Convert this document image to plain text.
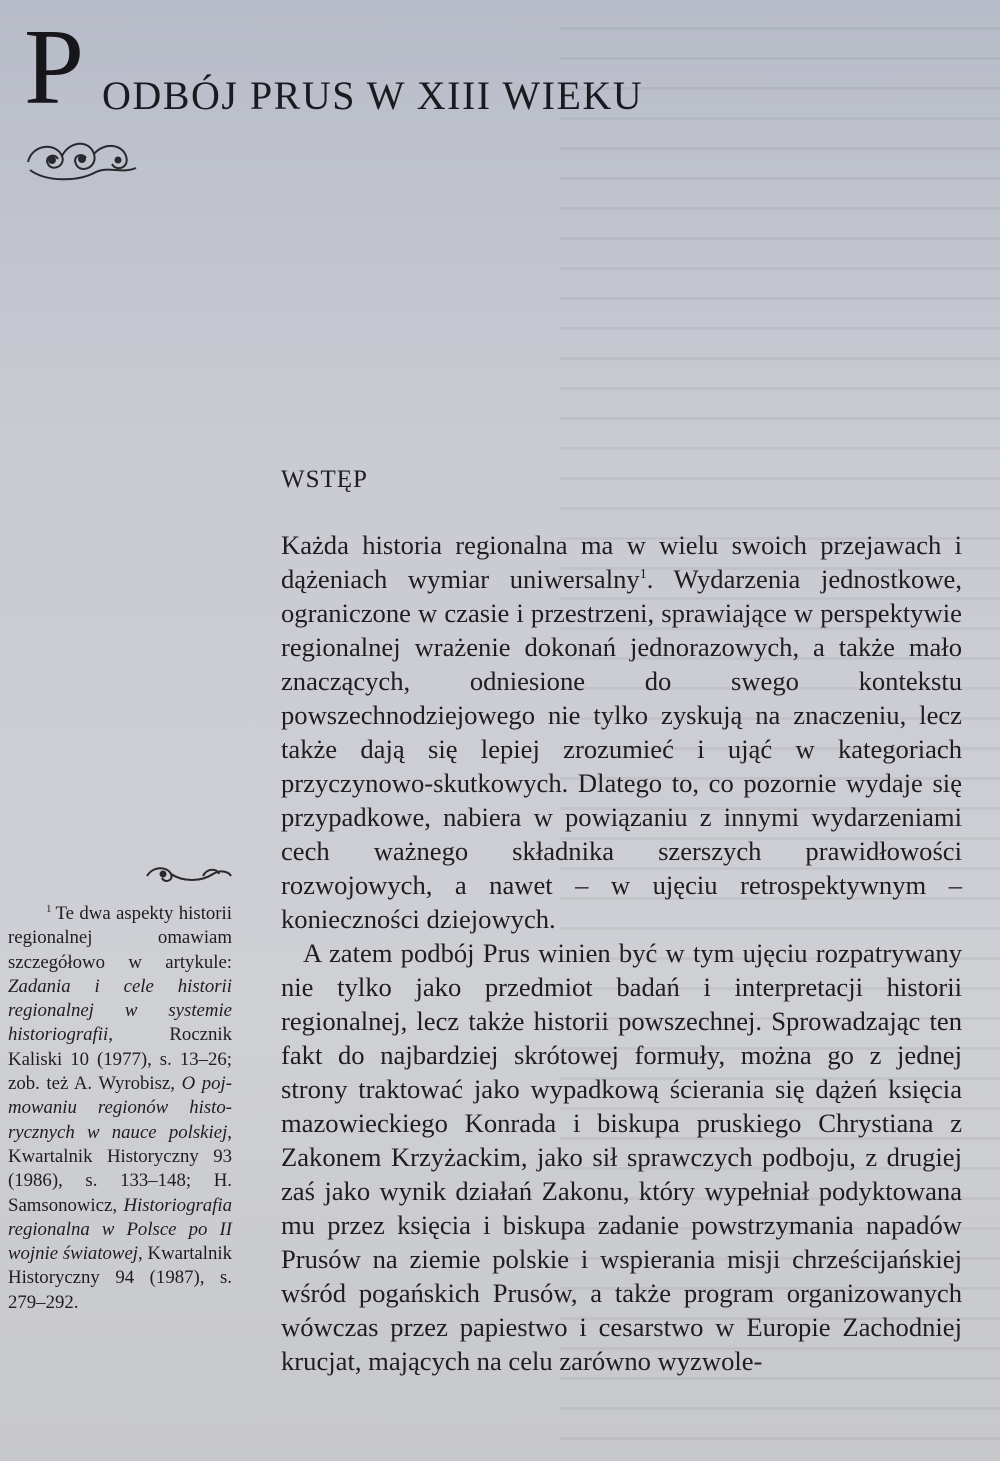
P ODBÓJ PRUS W XIII WIEKU
WSTĘP

Każda historia regionalna ma w wielu swoich przejawach i dążeniach wymiar uniwersalny$^1$. Wydarzenia jednostkowe, ograniczone w czasie i przestrzeni, sprawiające w perspektywie regionalnej wrażenie dokonań jednorazowych, a także mało znaczących, odniesione do swego kontekstu powszechnodziejowego nie tylko zyskują na znaczeniu, lecz także dają się lepiej zrozumieć i ująć w kategoriach przyczynowo-skutkowych. Dlatego to, co pozornie wydaje się przypadkowe, nabiera w powiązaniu z innymi wydarzeniami cech ważnego składnika szerszych prawidłowości rozwojowych, a nawet – w ujęciu retrospektywnym – konieczności dziejowych.

A zatem podbój Prus winien być w tym ujęciu rozpatrywany nie tylko jako przedmiot badań i interpretacji historii regionalnej, lecz także historii powszechnej. Sprowadzając ten fakt do najbardziej skrótowej formuły, można go z jednej strony traktować jako wypadkową ścierania się dążeń księcia mazowieckiego Konrada i biskupa pruskiego Chrystiana z Zakonem Krzyżackim, jako sił sprawczych podboju, z drugiej zaś jako wynik działań Zakonu, który wypełniał podyktowana mu przez księcia i biskupa zadanie powstrzymania napadów Prusów na ziemie polskie i wspierania misji chrześcijańskiej wśród pogańskich Prusów, a także program organizowanych wówczas przez papiestwo i cesarstwo w Europie Zachodniej krucjat, mających na celu zarówno wyzwole-

$^1$ Te dwa aspekty historii regionalnej omawiam szczegółowo w artykule: Zadania i cele historii regionalnej w systemie historiografii, Rocznik Kaliski 10 (1977), s. 13–26; zob. też A. Wyrobisz, O pojmowaniu regionów historycznych w nauce polskiej, Kwartalnik Historyczny 93 (1986), s. 133–148; H. Samsonowicz, Historiografia regionalna w Polsce po II wojnie światowej, Kwartalnik Historyczny 94 (1987), s. 279–292.
